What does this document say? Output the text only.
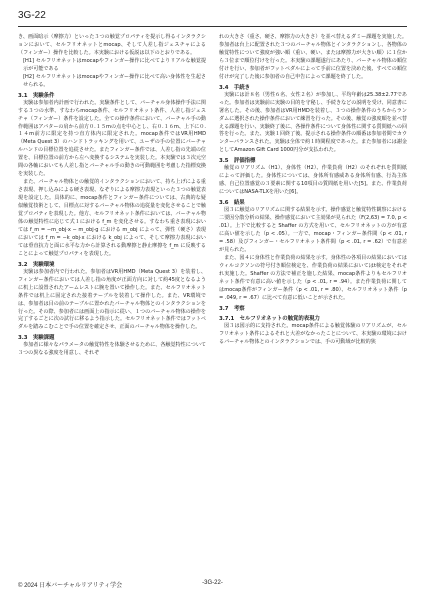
3G-22

き、画面暗示（摩擦力）といった３つの触覚プロパティを提示し得るインタラクションにおいて、セルフリオネットとmocap、そして人差し指ジェスチャによる（フィンガー）操作を比較した。本実験における仮説は以下のとおりである。

[H1] セルフリオネットはmocapやフィンガー操作に比べてよりリアルな触覚提示が可能である

[H2] セルフリオネットはmocapやフィンガー操作に比べて高い身体性を生起させられる。

3.1　実験条件

実験は参加者内計画で行われた。実験条件として、バーチャル身体操作手法に関する３つの水準、すなわちmocap条件、セルフリオネット条件、人差し指ジェスチャ（フィンガー）条件を設定した。全ての操作条件において、バーチャル手の動作範囲はアバターの肩から前方０.１５mの点を中心とし、右０.１６m、上下に０.１４m前方に限定を持つ直方体内に限定された。mocap条件ではVR用HMD（Meta Quest 3）のハンドトラッキングを用いて、ユーザの手の位置にバーチャルハンドの目標位置を追従させた。またフィンガー条件では、人差し指の先端の位置を、目標位置の前方から左へ変換するシステムを実装した。本実験では３次元空間の各軸においても人差し指とバーチャル手の動きの可動範囲を考慮した指標変換を実装した。

また、バーチャル物体との触覚的インタラクションにおいて、持ち上げによる重さ表現、押し込みによる硬さ表現、なぞりによる摩擦力表現といった３つの触覚表現を設定した。具体的に、mocap条件とフィンガー条件については、古典的な疑似触覚技術として、目標点に対するバーチャル物体の追従量を変化させることで触覚プロパティを表現した。他方、セルフリオネット条件においては、バーチャル物体の触覚特性に応じて式１における f_m を変化させる。すなわち重さ表現においては f_m = −m_obj·x − m_obj·g における m_obj によって、弾性（硬さ）表現においては f_m = −k_obj·x における k_obj によって、そして摩擦力表現においては垂直抗力と面に水平な力から計算される動摩擦と静止摩擦を f_m に反映することによって触覚プロパティを表現した。

3.2　実験環境

実験は参加者内で行われた。参加者はVR用HMD（Meta Quest 3）を装着し、フィンガー条件においては人差し指の角度が正面方向に対して約45度となるように机上に設置されたアームレストに腕を置いて操作した。また、セルフリオネット条件では机上に固定された接着テーブルを装着して操作した。また、VR環境では、参加者は目の前のテーブルに置かれたバーチャル物体とのインタラクションを行った。その際、参加者には画面上の指示に従い、１つのバーチャル物体の操作を完了するごとに次の試行に移るよう指示した。セルフリオネット条件ではフットペダルを踏みこむことで手の位置を確定させ、正面のバーチャル物体を操作した。

3.3　実験課題

参加者に様々なパラメータの触覚特性を体験させるために、各触覚特性について３つの異なる強度を用意し、それぞ

れの大きさ（重さ、硬さ、摩擦力の大きさ）を並べ替えるダミー課題を実施した。参加者は台上に配置された３つのバーチャル物体とインタラクションし、各物体の触覚特性について強度が強い順（重い、硬い、または摩擦力が大きい順）に１位から３位まで順位付けを行った。本実験の課題遂行にあたり、バーチャル物体の順位付けを行い、参加者がフットペダルによって手前に位置を決めた後、すべての順位付けが完了した後に参加者の自己申告によって課題を終了した。

3.4　手続き

実験には計８名（男性６名、女性２名）が参加し、平均年齢は25.38±2.77であった。参加者は実験前に実験の目的を守秘し、手続きなどの説明を受け、同意書に署名した。その後、参加者はVR用HMDを装着し、３つの操作条件のうちからランダムに選択された操作条件において練習を行った。その後、触覚の強度順を並べ替える課題を行い、実験終了後に、各操作条件について身体性に関する質問紙への回答を行った。また、実験１回終了後、提示される操作条件の順番は参加者間でカウンターバランスされた。実験は全体で約１時間程度であった。また参加者には謝金としてAmazon Gift Card 1000円分が支払われた。

3.5　評価指標

触覚のリアリズム（H1）、身体性（H2）、作業負荷（H2）のそれぞれを質問紙によって評価した。身体性については、身体所有感威ある身体所有感、行為主体感、自己位置感覚の３要素に関する10項目の質問紙を用いた[5]。また、作業負荷についてはNASA-TLXを用いた[6]。

3.6　結果

図３に触覚のリアリズムに関する結果を示す。操作感覚と触覚特性観察における二要因分散分析の結果、操作感覚において主効果が見られた（F(2,63) = 7.0, p < .01）。上下で比較すると Shaffer の方式を用いて、セルフリオネットの方が有意に高い値を示した（p < .05）。一方で、mocap・フィンガー条件間（p < .01, r = .58）及びフィンガー・セルフリオネット条件間（p < .01, r = .62）で有意差が見られた。

また、図４に身体性と作業負荷の結果を示す。身体性の各項目の結果においてはウィルコクソンの符号付き順位検定を、作業負荷の結果においてはt検定をそれぞれ実施した。Shaffer の方法で補正を施した結果、mocap条件よりもセルフリオネット条件で有意に高い値を示した（p < .01, r = .94）。また作業負荷に関してはmocap条件がフィンガー条件（p < .01, r = .80）、セルフリオネット条件（p = .049, r = .67）に比べて有意に低いことが示された。

3.7　考察
3.7.1　セルフリオネットの触覚的表現力

図３は図示的に支持された。mocap条件による触覚体験のリアリズムが、セルフリオネット条件によるそれと大差がなかったことについて、本実験の環境におけるバーチャル物体とのインタラクションでは、手の可動域が比較的狭

© 2024 日本バーチャルリアリティ学会	-3G-22-
